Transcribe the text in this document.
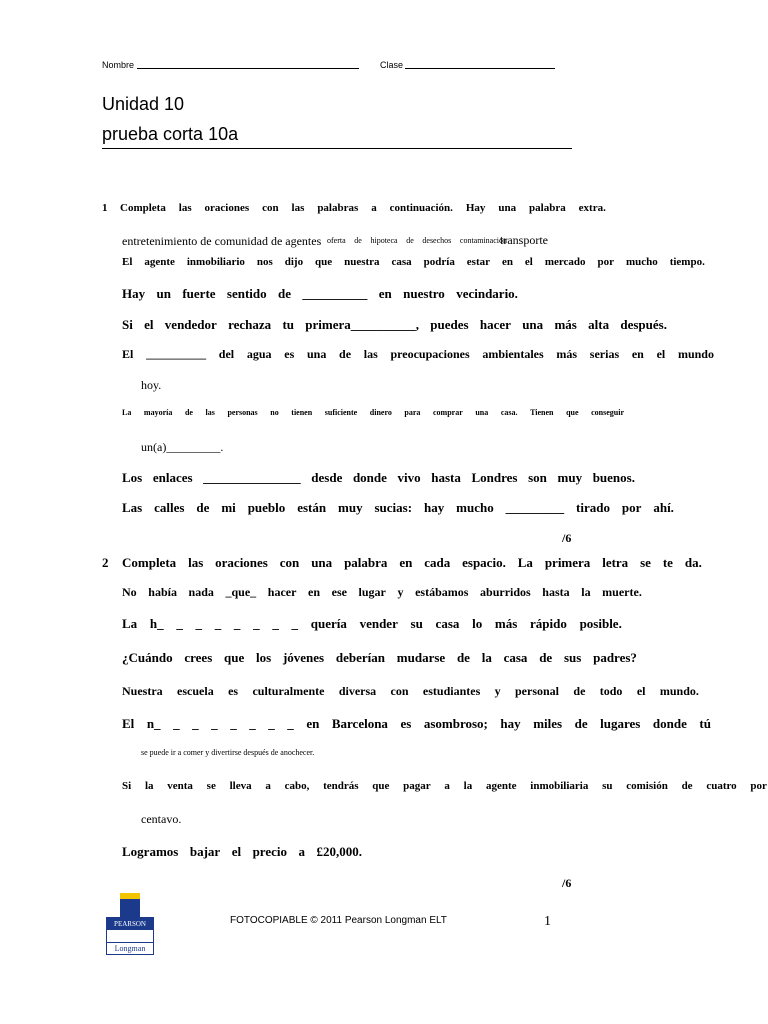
Nombre	Clase
Unidad 10
prueba corta 10a
1 Completa las oraciones con las palabras a continuación. Hay una palabra extra.
entretenimiento de comunidad de agentes oferta de hipoteca de desechos contaminación
transporte
El agente inmobiliario nos dijo que nuestra casa podría estar en el mercado por mucho tiempo.
Hay un fuerte sentido de __________ en nuestro vecindario.
Si el vendedor rechaza tu primera__________, puedes hacer una más alta después.
El __________ del agua es una de las preocupaciones ambientales más serias en el mundo
hoy.
La mayoría de las personas no tienen suficiente dinero para comprar una casa. Tienen que conseguir
un(a)_________.
Los enlaces _______________ desde donde vivo hasta Londres son muy buenos.
Las calles de mi pueblo están muy sucias: hay mucho _________ tirado por ahí.
/6
2 Completa las oraciones con una palabra en cada espacio. La primera letra se te da.
No había nada _que_ hacer en ese lugar y estábamos aburridos hasta la muerte.
La h_ _ _ _ _ _ _ _ quería vender su casa lo más rápido posible.
¿Cuándo crees que los jóvenes deberían mudarse de la casa de sus padres?
Nuestra escuela es culturalmente diversa con estudiantes y personal de todo el mundo.
El n_ _ _ _ _ _ _ _ en Barcelona es asombroso; hay miles de lugares donde tú
se puede ir a comer y divertirse después de anochecer.
Si la venta se lleva a cabo, tendrás que pagar a la agente inmobiliaria su comisión de cuatro por
centavo.
Logramos bajar el precio a £20,000.
/6
PEARSON
Longman
FOTOCOPIABLE © 2011 Pearson Longman ELT	1
